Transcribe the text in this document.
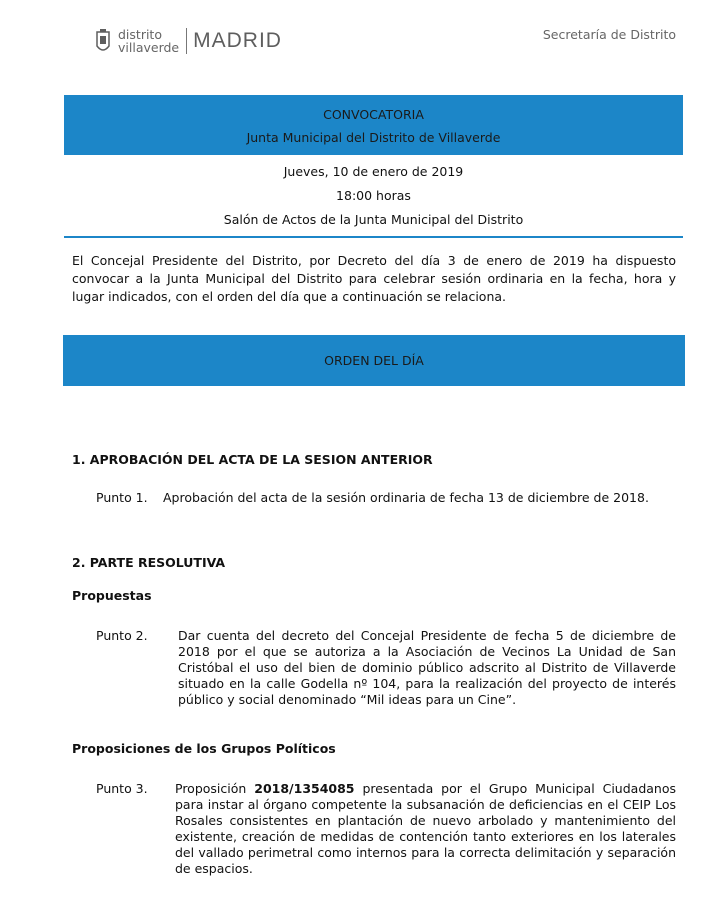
distrito
villaverde MADRID	Secretaría de Distrito
CONVOCATORIA
Junta Municipal del Distrito de Villaverde
Jueves, 10 de enero de 2019
18:00 horas
Salón de Actos de la Junta Municipal del Distrito
El Concejal Presidente del Distrito, por Decreto del día 3 de enero de 2019 ha dispuesto convocar a la Junta Municipal del Distrito para celebrar sesión ordinaria en la fecha, hora y lugar indicados, con el orden del día que a continuación se relaciona.
ORDEN DEL DÍA
1. APROBACIÓN DEL ACTA DE LA SESION ANTERIOR
Punto 1.	Aprobación del acta de la sesión ordinaria de fecha 13 de diciembre de 2018.
2. PARTE RESOLUTIVA
Propuestas
Punto 2.	Dar cuenta del decreto del Concejal Presidente de fecha 5 de diciembre de 2018 por el que se autoriza a la Asociación de Vecinos La Unidad de San Cristóbal el uso del bien de dominio público adscrito al Distrito de Villaverde situado en la calle Godella nº 104, para la realización del proyecto de interés público y social denominado “Mil ideas para un Cine”.
Proposiciones de los Grupos Políticos
Punto 3.	Proposición 2018/1354085 presentada por el Grupo Municipal Ciudadanos para instar al órgano competente la subsanación de deficiencias en el CEIP Los Rosales consistentes en plantación de nuevo arbolado y mantenimiento del existente, creación de medidas de contención tanto exteriores en los laterales del vallado perimetral como internos para la correcta delimitación y separación de espacios.
